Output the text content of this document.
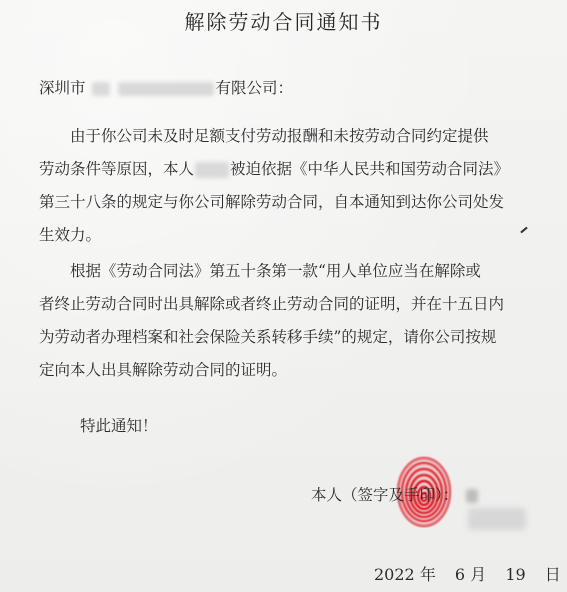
解除劳动合同通知书
深圳市	有限公司：
由于你公司未及时足额支付劳动报酬和未按劳动合同约定提供
劳动条件等原因，本人 被迫依据《中华人民共和国劳动合同法》
第三十八条的规定与你公司解除劳动合同，自本通知到达你公司处发
生效力。
根据《劳动合同法》第五十条第一款“用人单位应当在解除或
者终止劳动合同时出具解除或者终止劳动合同的证明，并在十五日内
为劳动者办理档案和社会保险关系转移手续”的规定，请你公司按规
定向本人出具解除劳动合同的证明。
特此通知！
本人（签字及手印）：
2022 年 6 月 19 日
